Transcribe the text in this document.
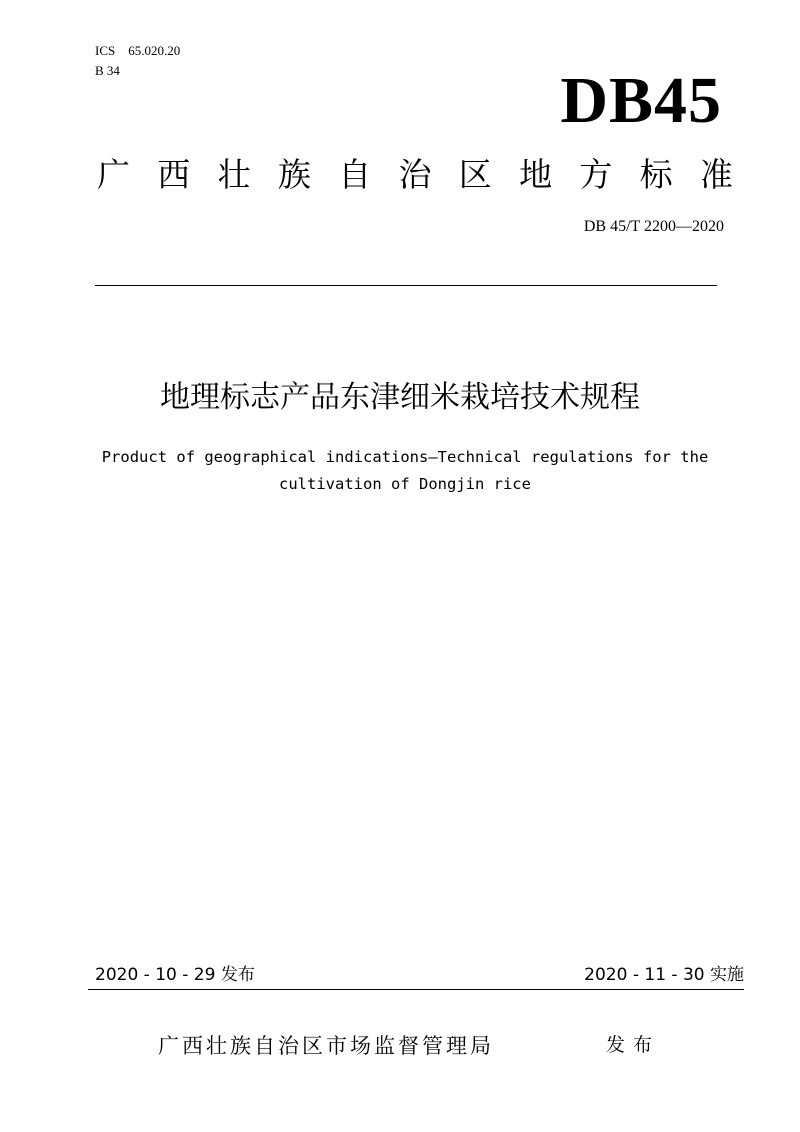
ICS　65.020.20
B 34	DB45
广 西 壮 族 自 治 区 地 方 标 准
DB 45/T 2200—2020
地理标志产品东津细米栽培技术规程
Product of geographical indications—Technical regulations for the
cultivation of Dongjin rice
2020 - 10 - 29 发布	2020 - 11 - 30 实施
广西壮族自治区市场监督管理局	发布
